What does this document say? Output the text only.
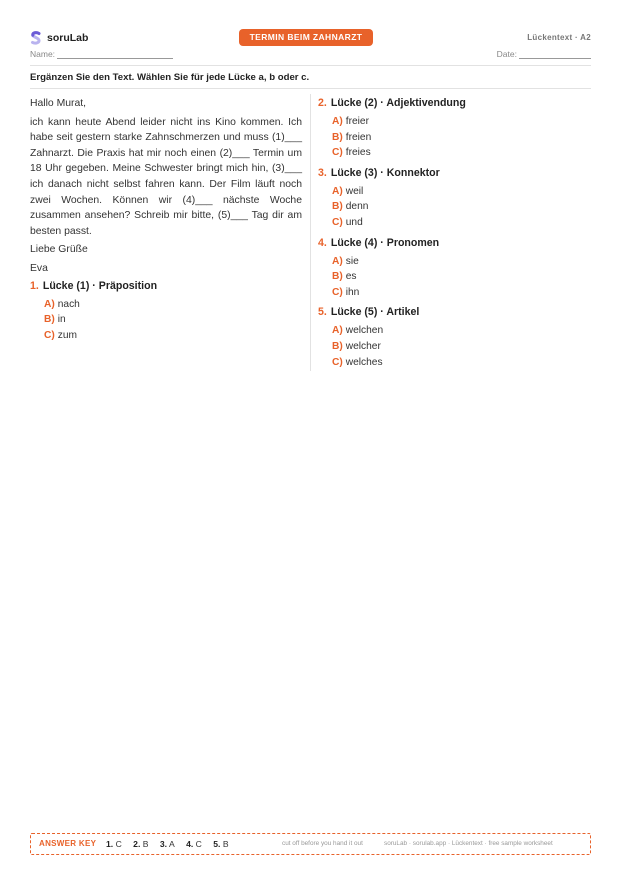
soruLab	TERMIN BEIM ZAHNARZT	Lückentext · A2
Name:	Date:
Ergänzen Sie den Text. Wählen Sie für jede Lücke a, b oder c.

Hallo Murat,

ich kann heute Abend leider nicht ins Kino kommen. Ich habe seit gestern starke Zahnschmerzen und muss (1)___ Zahnarzt. Die Praxis hat mir noch einen (2)___ Termin um 18 Uhr gegeben. Meine Schwester bringt mich hin, (3)___ ich danach nicht selbst fahren kann. Der Film läuft noch zwei Wochen. Können wir (4)___ nächste Woche zusammen ansehen? Schreib mir bitte, (5)___ Tag dir am besten passt.

Liebe Grüße

Eva

1. Lücke (1) · Präposition
A) nach
B) in
C) zum
2. Lücke (2) · Adjektivendung
A) freier
B) freien
C) freies
3. Lücke (3) · Konnektor
A) weil
B) denn
C) und
4. Lücke (4) · Pronomen
A) sie
B) es
C) ihn
5. Lücke (5) · Artikel
A) welchen
B) welcher
C) welches
ANSWER KEY 1. C 2. B 3. A 4. C 5. B	cut off before you hand it out	soruLab · sorulab.app · Lückentext · free sample worksheet
